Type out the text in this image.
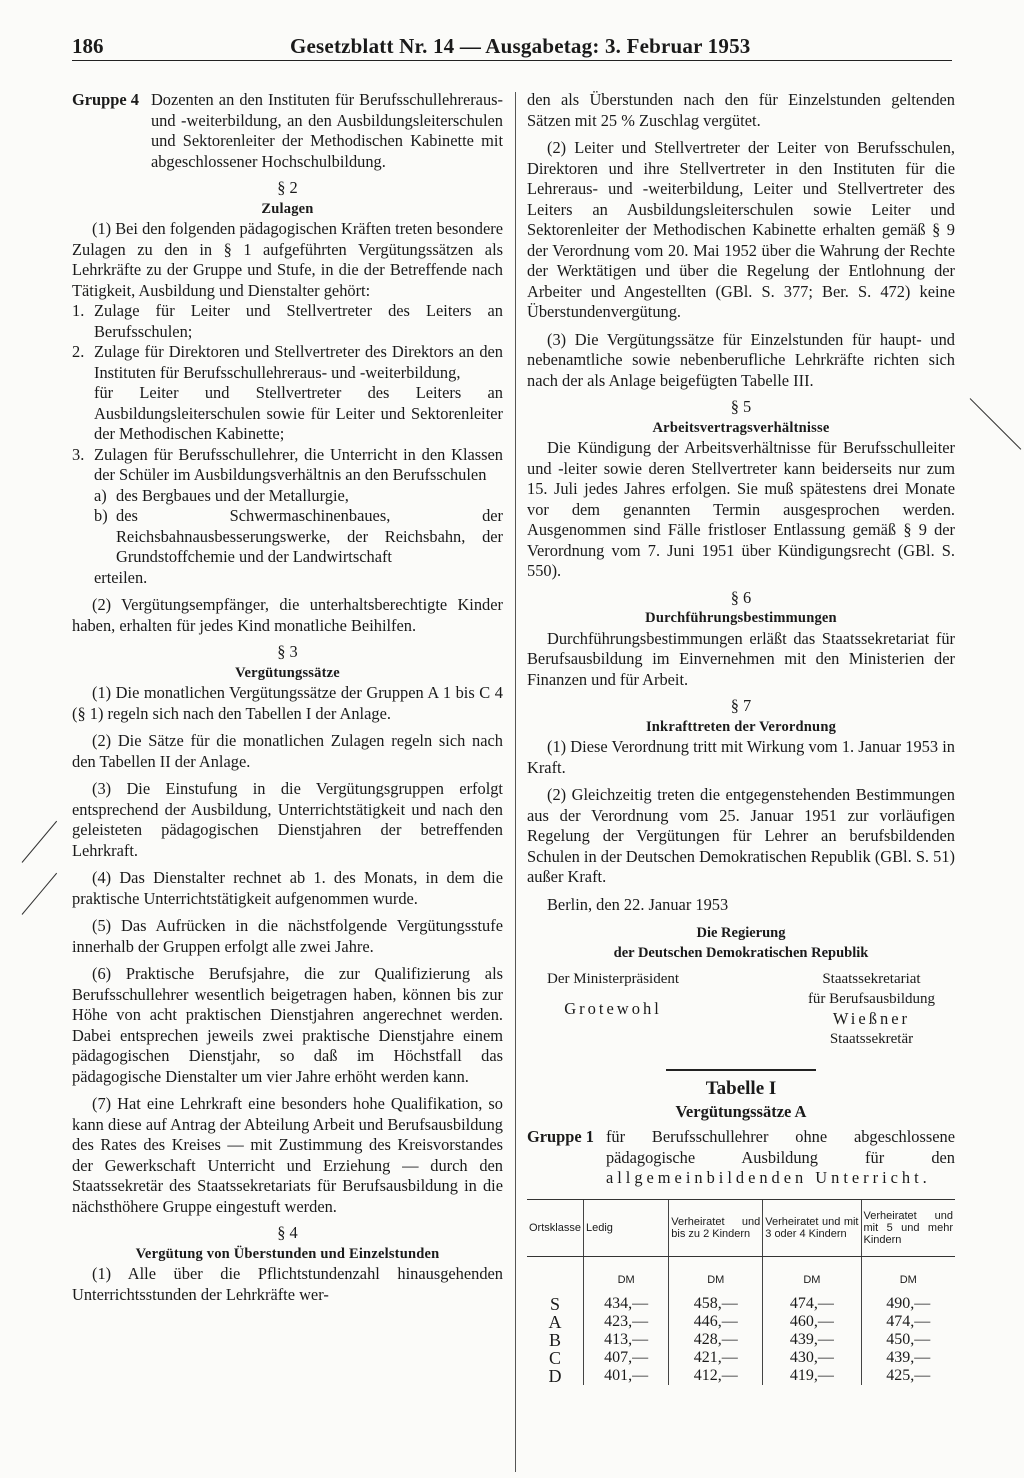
186	Gesetzblatt Nr. 14 — Ausgabetag: 3. Februar 1953
Gruppe 4 Dozenten an den Instituten für Berufsschullehreraus- und -weiterbildung, an den Ausbildungsleiterschulen und Sektorenleiter der Methodischen Kabinette mit abgeschlossener Hochschulbildung.

§ 2

Zulagen

(1) Bei den folgenden pädagogischen Kräften treten besondere Zulagen zu den in § 1 aufgeführten Vergütungssätzen als Lehrkräfte zu der Gruppe und Stufe, in die der Betreffende nach Tätigkeit, Ausbildung und Dienstalter gehört:

1. Zulage für Leiter und Stellvertreter des Leiters an Berufsschulen;
2. Zulage für Direktoren und Stellvertreter des Direktors an den Instituten für Berufsschullehreraus- und -weiterbildung,

für Leiter und Stellvertreter des Leiters an Ausbildungsleiterschulen sowie für Leiter und Sektorenleiter der Methodischen Kabinette;

3. Zulagen für Berufsschullehrer, die Unterricht in den Klassen der Schüler im Ausbildungsverhältnis an den Berufsschulen
a) des Bergbaues und der Metallurgie,
b) des Schwermaschinenbaues, der Reichsbahnausbesserungswerke, der Reichsbahn, der Grundstoffchemie und der Landwirtschaft

erteilen.

(2) Vergütungsempfänger, die unterhaltsberechtigte Kinder haben, erhalten für jedes Kind monatliche Beihilfen.

§ 3

Vergütungssätze

(1) Die monatlichen Vergütungssätze der Gruppen A 1 bis C 4 (§ 1) regeln sich nach den Tabellen I der Anlage.

(2) Die Sätze für die monatlichen Zulagen regeln sich nach den Tabellen II der Anlage.

(3) Die Einstufung in die Vergütungsgruppen erfolgt entsprechend der Ausbildung, Unterrichtstätigkeit und nach den geleisteten pädagogischen Dienstjahren der betreffenden Lehrkraft.

(4) Das Dienstalter rechnet ab 1. des Monats, in dem die praktische Unterrichtstätigkeit aufgenommen wurde.

(5) Das Aufrücken in die nächstfolgende Vergütungsstufe innerhalb der Gruppen erfolgt alle zwei Jahre.

(6) Praktische Berufsjahre, die zur Qualifizierung als Berufsschullehrer wesentlich beigetragen haben, können bis zur Höhe von acht praktischen Dienstjahren angerechnet werden. Dabei entsprechen jeweils zwei praktische Dienstjahre einem pädagogischen Dienstjahr, so daß im Höchstfall das pädagogische Dienstalter um vier Jahre erhöht werden kann.

(7) Hat eine Lehrkraft eine besonders hohe Qualifikation, so kann diese auf Antrag der Abteilung Arbeit und Berufsausbildung des Rates des Kreises — mit Zustimmung des Kreisvorstandes der Gewerkschaft Unterricht und Erziehung — durch den Staatssekretär des Staatssekretariats für Berufsausbildung in die nächsthöhere Gruppe eingestuft werden.

§ 4

Vergütung von Überstunden und Einzelstunden

(1) Alle über die Pflichtstundenzahl hinausgehenden Unterrichtsstunden der Lehrkräfte wer-

den als Überstunden nach den für Einzelstunden geltenden Sätzen mit 25 % Zuschlag vergütet.

(2) Leiter und Stellvertreter der Leiter von Berufsschulen, Direktoren und ihre Stellvertreter in den Instituten für die Lehreraus- und -weiterbildung, Leiter und Stellvertreter des Leiters an Ausbildungsleiterschulen sowie Leiter und Sektorenleiter der Methodischen Kabinette erhalten gemäß § 9 der Verordnung vom 20. Mai 1952 über die Wahrung der Rechte der Werktätigen und über die Regelung der Entlohnung der Arbeiter und Angestellten (GBl. S. 377; Ber. S. 472) keine Überstundenvergütung.

(3) Die Vergütungssätze für Einzelstunden für haupt- und nebenamtliche sowie nebenberufliche Lehrkräfte richten sich nach der als Anlage beigefügten Tabelle III.

§ 5

Arbeitsvertragsverhältnisse

Die Kündigung der Arbeitsverhältnisse für Berufsschulleiter und -leiter sowie deren Stellvertreter kann beiderseits nur zum 15. Juli jedes Jahres erfolgen. Sie muß spätestens drei Monate vor dem genannten Termin ausgesprochen werden. Ausgenommen sind Fälle fristloser Entlassung gemäß § 9 der Verordnung vom 7. Juni 1951 über Kündigungsrecht (GBl. S. 550).

§ 6

Durchführungsbestimmungen

Durchführungsbestimmungen erläßt das Staatssekretariat für Berufsausbildung im Einvernehmen mit den Ministerien der Finanzen und für Arbeit.

§ 7

Inkrafttreten der Verordnung

(1) Diese Verordnung tritt mit Wirkung vom 1. Januar 1953 in Kraft.

(2) Gleichzeitig treten die entgegenstehenden Bestimmungen aus der Verordnung vom 25. Januar 1951 zur vorläufigen Regelung der Vergütungen für Lehrer an berufsbildenden Schulen in der Deutschen Demokratischen Republik (GBl. S. 51) außer Kraft.

Berlin, den 22. Januar 1953

Die Regierung
der Deutschen Demokratischen Republik
Der Ministerpräsident
Grotewohl
Staatssekretariat
für Berufsausbildung
Wießner
Staatssekretär
Tabelle I
Vergütungssätze A
Gruppe 1 für Berufsschullehrer ohne abgeschlossene pädagogische Ausbildung für den allgemeinbildenden Unterricht.
Ortsklasse	Ledig	Verheiratet und bis zu 2 Kindern	Verheiratet und mit 3 oder 4 Kindern	Verheiratet und mit 5 und mehr Kindern
	DM	DM	DM	DM
S	434,—	458,—	474,—	490,—
A	423,—	446,—	460,—	474,—
B	413,—	428,—	439,—	450,—
C	407,—	421,—	430,—	439,—
D	401,—	412,—	419,—	425,—
